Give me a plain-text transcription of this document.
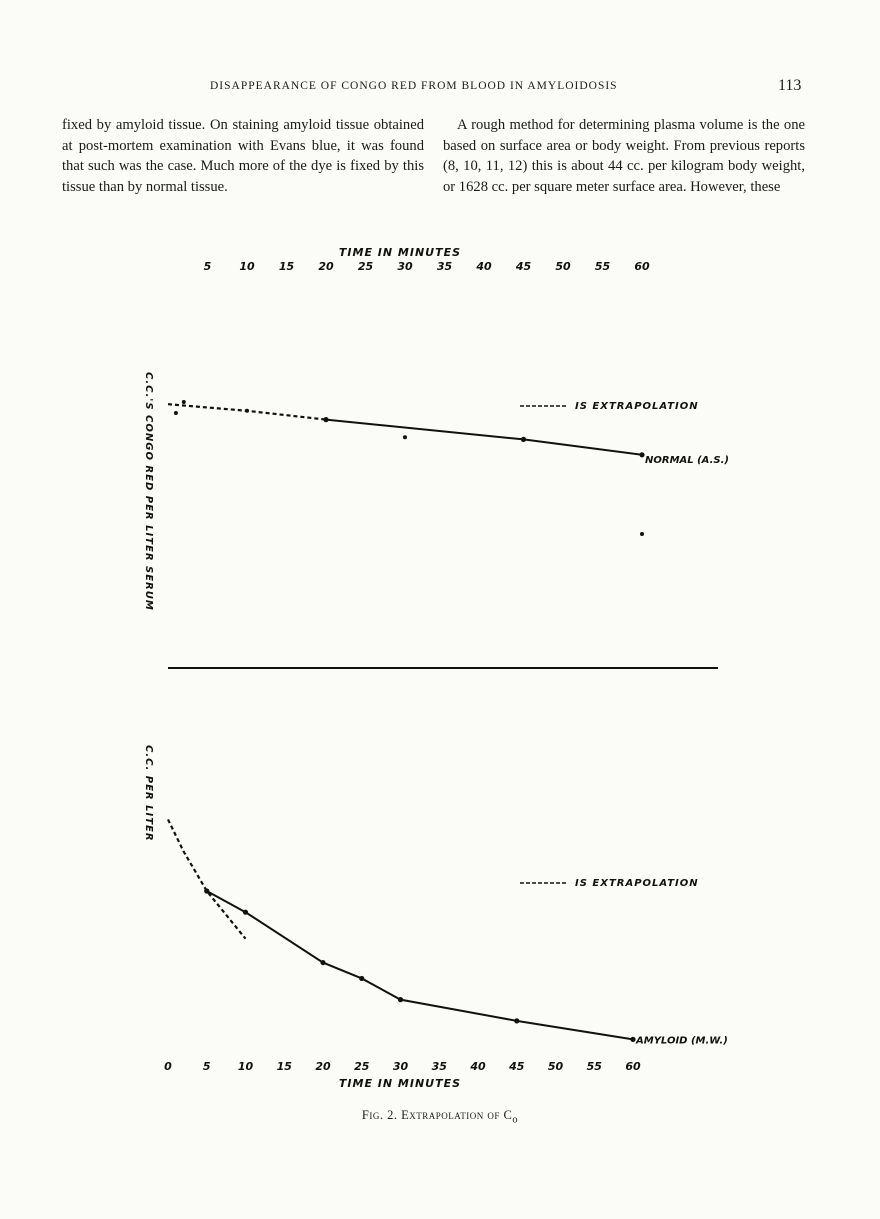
DISAPPEARANCE OF CONGO RED FROM BLOOD IN AMYLOIDOSIS	113

fixed by amyloid tissue. On staining amyloid tissue obtained at post-mortem examination with Evans blue, it was found that such was the case. Much more of the dye is fixed by this tissue than by normal tissue.

A rough method for determining plasma volume is the one based on surface area or body weight. From previous reports (8, 10, 11, 12) this is about 44 cc. per kilogram body weight, or 1628 cc. per square meter surface area. However, these

5	10 15 20 25 30 35 40 45 50 55 60
TIME IN MINUTES
C.C.'S CONGO RED PER LITER SERUM	NORMAL (A.S.)
IS EXTRAPOLATION
0	5 10 15 20 25 30 35 40 45 50 55 60
TIME IN MINUTES
C.C. PER LITER
AMYLOID (M.W.)
IS EXTRAPOLATION
Fig. 2. Extrapolation of $C_o$
